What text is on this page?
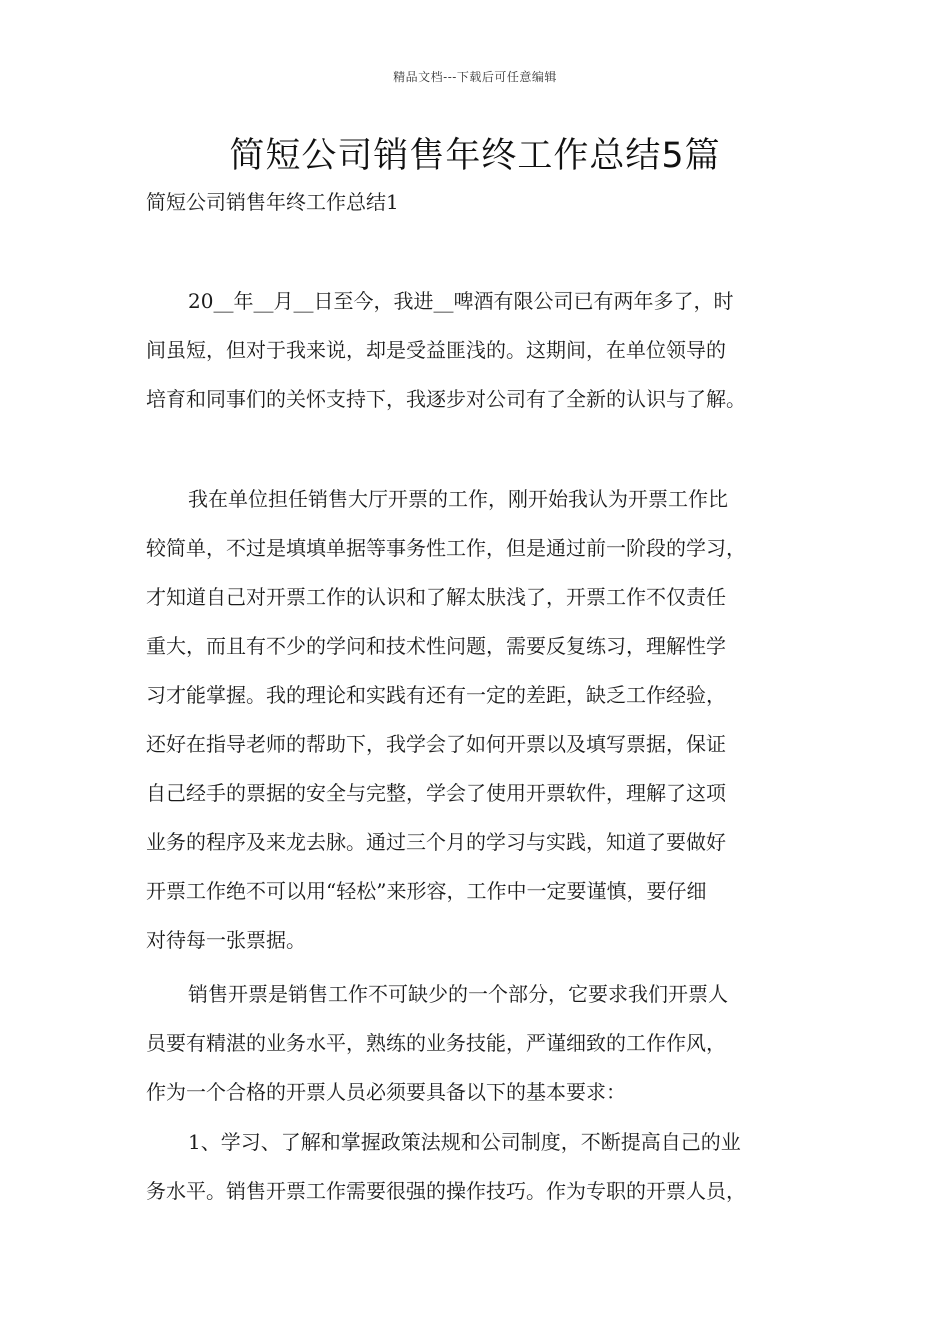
精品文档---下载后可任意编辑
简短公司销售年终工作总结5篇
简短公司销售年终工作总结1
20__年__月__日至今，我进__啤酒有限公司已有两年多了，时
间虽短，但对于我来说，却是受益匪浅的。这期间，在单位领导的
培育和同事们的关怀支持下，我逐步对公司有了全新的认识与了解。
我在单位担任销售大厅开票的工作，刚开始我认为开票工作比
较简单，不过是填填单据等事务性工作，但是通过前一阶段的学习，
才知道自己对开票工作的认识和了解太肤浅了，开票工作不仅责任
重大，而且有不少的学问和技术性问题，需要反复练习，理解性学
习才能掌握。我的理论和实践有还有一定的差距，缺乏工作经验，
还好在指导老师的帮助下，我学会了如何开票以及填写票据，保证
自己经手的票据的安全与完整，学会了使用开票软件，理解了这项
业务的程序及来龙去脉。通过三个月的学习与实践，知道了要做好
开票工作绝不可以用“轻松”来形容，工作中一定要谨慎，要仔细
对待每一张票据。
销售开票是销售工作不可缺少的一个部分，它要求我们开票人
员要有精湛的业务水平，熟练的业务技能，严谨细致的工作作风，
作为一个合格的开票人员必须要具备以下的基本要求：
1、学习、了解和掌握政策法规和公司制度，不断提高自己的业
务水平。销售开票工作需要很强的操作技巧。作为专职的开票人员，
